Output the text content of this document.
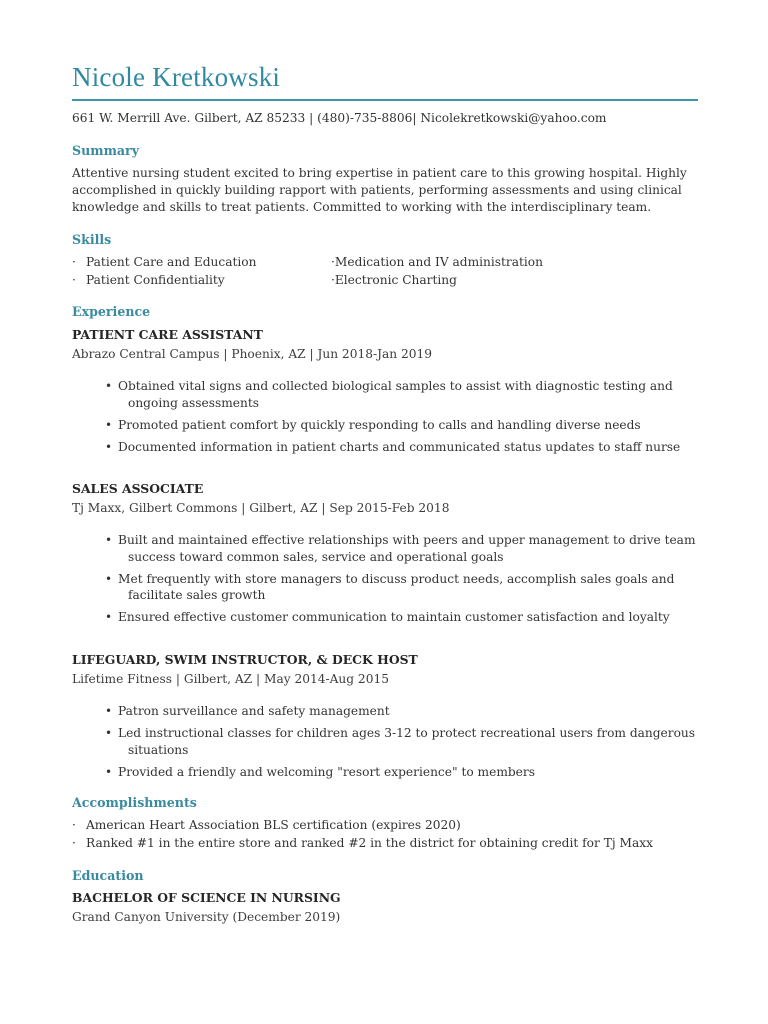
Nicole Kretkowski
661 W. Merrill Ave. Gilbert, AZ 85233 | (480)-735-8806| Nicolekretkowski@yahoo.com
Summary
Attentive nursing student excited to bring expertise in patient care to this growing hospital. Highly
accomplished in quickly building rapport with patients, performing assessments and using clinical
knowledge and skills to treat patients. Committed to working with the interdisciplinary team.
Skills
· Patient Care and Education
· Patient Confidentiality
·Medication and IV administration
·Electronic Charting
Experience
PATIENT CARE ASSISTANT
Abrazo Central Campus | Phoenix, AZ | Jun 2018-Jan 2019
• Obtained vital signs and collected biological samples to assist with diagnostic testing and ongoing assessments
• Promoted patient comfort by quickly responding to calls and handling diverse needs
• Documented information in patient charts and communicated status updates to staff nurse
SALES ASSOCIATE
Tj Maxx, Gilbert Commons | Gilbert, AZ | Sep 2015-Feb 2018
• Built and maintained effective relationships with peers and upper management to drive team success toward common sales, service and operational goals
• Met frequently with store managers to discuss product needs, accomplish sales goals and facilitate sales growth
• Ensured effective customer communication to maintain customer satisfaction and loyalty
LIFEGUARD, SWIM INSTRUCTOR, & DECK HOST
Lifetime Fitness | Gilbert, AZ | May 2014-Aug 2015
• Patron surveillance and safety management
• Led instructional classes for children ages 3-12 to protect recreational users from dangerous situations
• Provided a friendly and welcoming "resort experience" to members
Accomplishments
· American Heart Association BLS certification (expires 2020)
· Ranked #1 in the entire store and ranked #2 in the district for obtaining credit for Tj Maxx
Education
BACHELOR OF SCIENCE IN NURSING
Grand Canyon University (December 2019)
